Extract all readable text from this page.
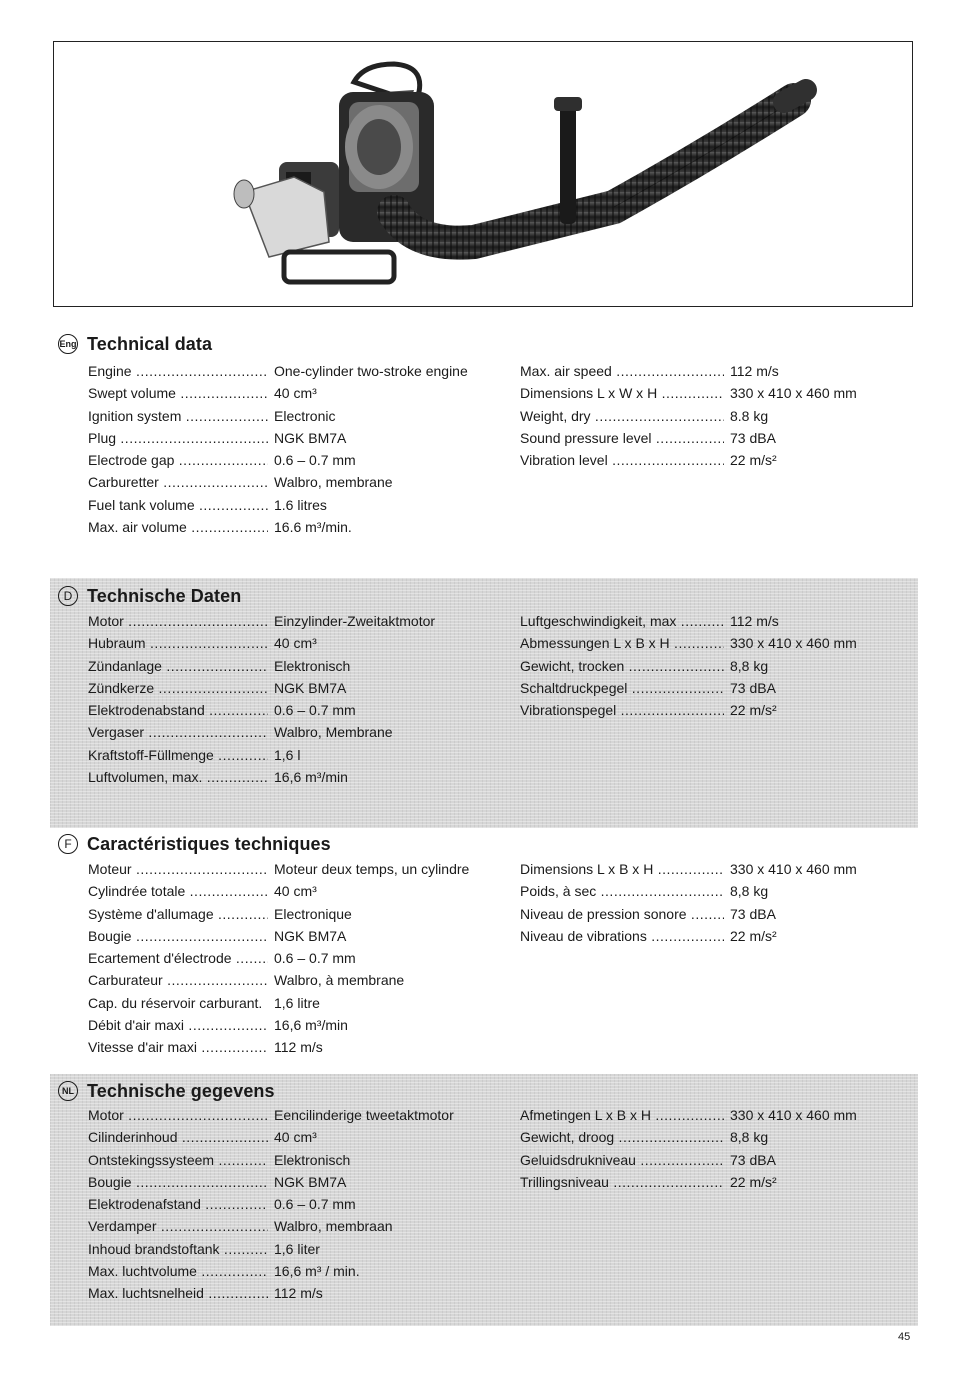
Eng Technical data
Engine .....	One-cylinder two-stroke engine
Swept volume .....	40 cm³
Ignition system .....	Electronic
Plug .....	NGK BM7A
Electrode gap .....	0.6 – 0.7 mm
Carburetter .....	Walbro, membrane
Fuel tank volume .....	1.6 litres
Max. air volume .....	16.6 m³/min.
Max. air speed .....	112 m/s
Dimensions L x W x H .....	330 x 410 x 460 mm
Weight, dry .....	8.8 kg
Sound pressure level .....	73 dBA
Vibration level .....	22 m/s²
D Technische Daten
Motor .....	Einzylinder-Zweitaktmotor
Hubraum .....	40 cm³
Zündanlage .....	Elektronisch
Zündkerze .....	NGK BM7A
Elektrodenabstand .....	0.6 – 0.7 mm
Vergaser .....	Walbro, Membrane
Kraftstoff-Füllmenge .....	1,6 l
Luftvolumen, max. .....	16,6 m³/min
Luftgeschwindigkeit, max .....	112 m/s
Abmessungen L x B x H .....	330 x 410 x 460 mm
Gewicht, trocken .....	8,8 kg
Schaltdruckpegel .....	73 dBA
Vibrationspegel .....	22 m/s²
F Caractéristiques techniques
Moteur .....	Moteur deux temps, un cylindre
Cylindrée totale .....	40 cm³
Système d'allumage .....	Electronique
Bougie .....	NGK BM7A
Ecartement d'électrode .....	0.6 – 0.7 mm
Carburateur .....	Walbro, à membrane
Cap. du réservoir carburant. ..... 1,6 litre
Débit d'air maxi .....	16,6 m³/min
Vitesse d'air maxi .....	112 m/s
Dimensions L x B x H .....	330 x 410 x 460 mm
Poids, à sec .....	8,8 kg
Niveau de pression sonore .....	73 dBA
Niveau de vibrations .....	22 m/s²
NL Technische gegevens
Motor .....	Eencilinderige tweetaktmotor
Cilinderinhoud .....	40 cm³
Ontstekingssysteem .....	Elektronisch
Bougie .....	NGK BM7A
Elektrodenafstand .....	0.6 – 0.7 mm
Verdamper .....	Walbro, membraan
Inhoud brandstoftank .....	1,6 liter
Max. luchtvolume .....	16,6 m³ / min.
Max. luchtsnelheid .....	112 m/s
Afmetingen L x B x H .....	330 x 410 x 460 mm
Gewicht, droog .....	8,8 kg
Geluidsdrukniveau .....	73 dBA
Trillingsniveau .....	22 m/s²
45
